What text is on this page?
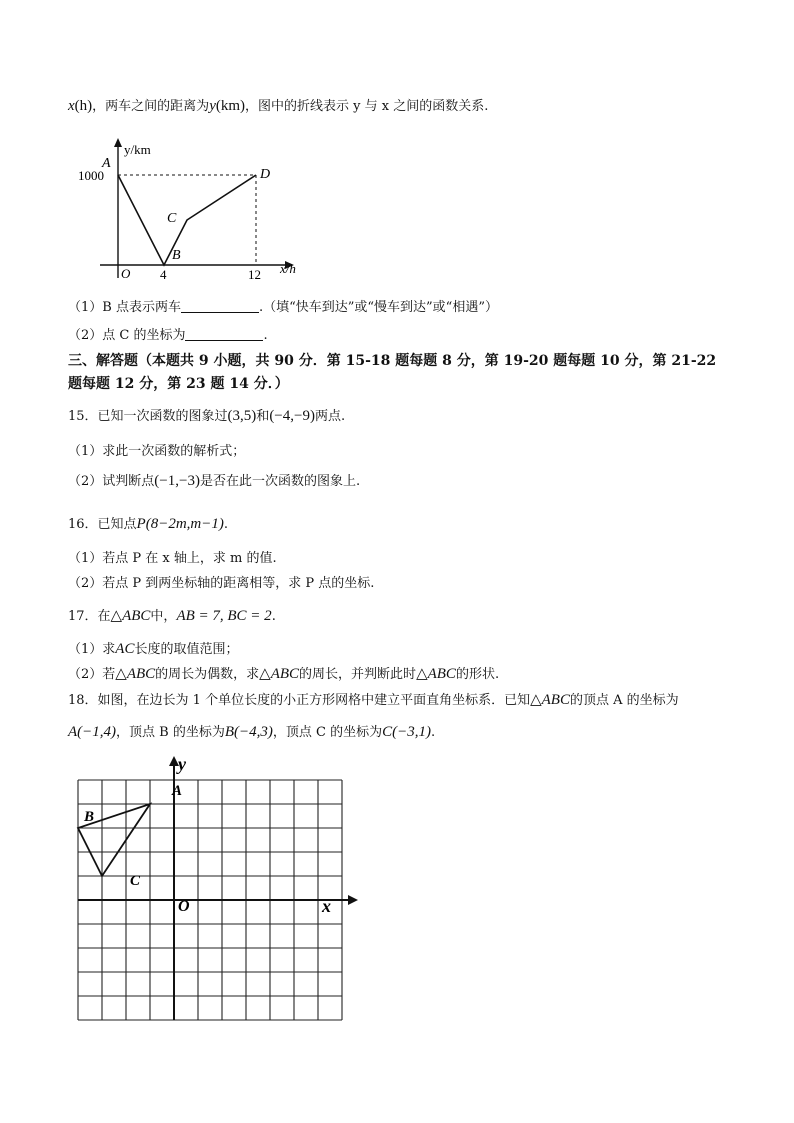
x(h)，两车之间的距离为y(km)，图中的折线表示 y 与 x 之间的函数关系.
y/km
x/h
O
1000
4	12
A
B
C
D
（1）B 点表示两车	.（填“快车到达”或“慢车到达”或“相遇”）
（2）点 C 的坐标为	.
三、解答题（本题共 9 小题，共 90 分．第 15-18 题每题 8 分，第 19-20 题每题 10 分，第 21-22
题每题 12 分，第 23 题 14 分．）
15．已知一次函数的图象过(3,5)和(−4,−9)两点.
（1）求此一次函数的解析式；
（2）试判断点(−1,−3)是否在此一次函数的图象上.
16．已知点P(8−2m,m−1).
（1）若点 P 在 x 轴上，求 m 的值.
（2）若点 P 到两坐标轴的距离相等，求 P 点的坐标.
17．在△ABC中，AB = 7, BC = 2.
（1）求AC长度的取值范围；
（2）若△ABC的周长为偶数，求△ABC的周长，并判断此时△ABC的形状.
18．如图，在边长为 1 个单位长度的小正方形网格中建立平面直角坐标系．已知△ABC的顶点 A 的坐标为
A(−1,4)，顶点 B 的坐标为B(−4,3)，顶点 C 的坐标为C(−3,1).
y
x
O
A
B
C
